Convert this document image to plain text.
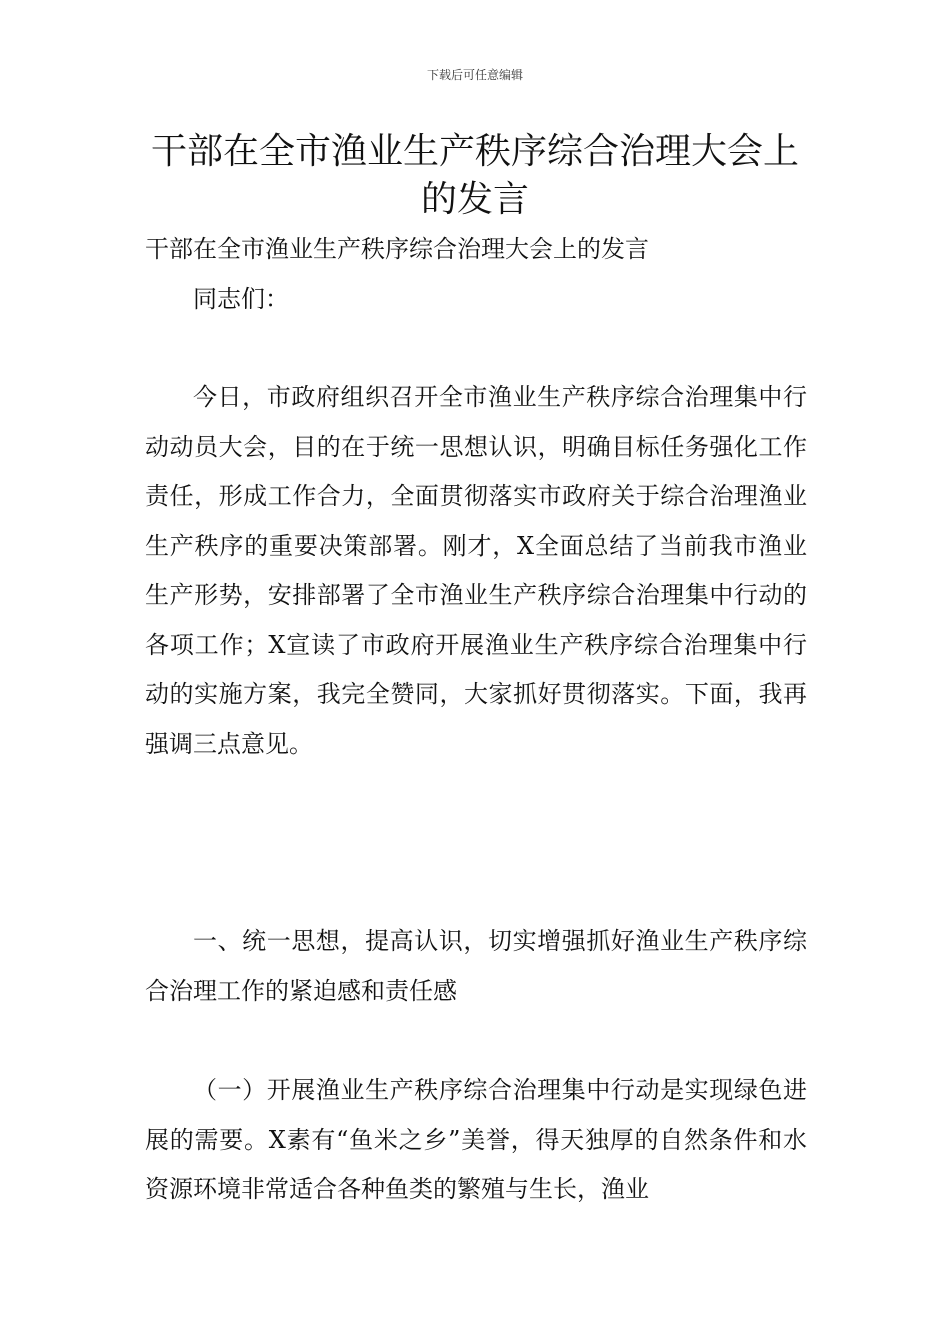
下载后可任意编辑
干部在全市渔业生产秩序综合治理大会上的发言

干部在全市渔业生产秩序综合治理大会上的发言

同志们：

今日，市政府组织召开全市渔业生产秩序综合治理集中行动动员大会，目的在于统一思想认识，明确目标任务强化工作责任，形成工作合力，全面贯彻落实市政府关于综合治理渔业生产秩序的重要决策部署。刚才，X全面总结了当前我市渔业生产形势，安排部署了全市渔业生产秩序综合治理集中行动的各项工作；X宣读了市政府开展渔业生产秩序综合治理集中行动的实施方案，我完全赞同，大家抓好贯彻落实。下面，我再强调三点意见。

一、统一思想，提高认识，切实增强抓好渔业生产秩序综合治理工作的紧迫感和责任感

（一）开展渔业生产秩序综合治理集中行动是实现绿色进展的需要。X素有“鱼米之乡”美誉，得天独厚的自然条件和水资源环境非常适合各种鱼类的繁殖与生长，渔业
